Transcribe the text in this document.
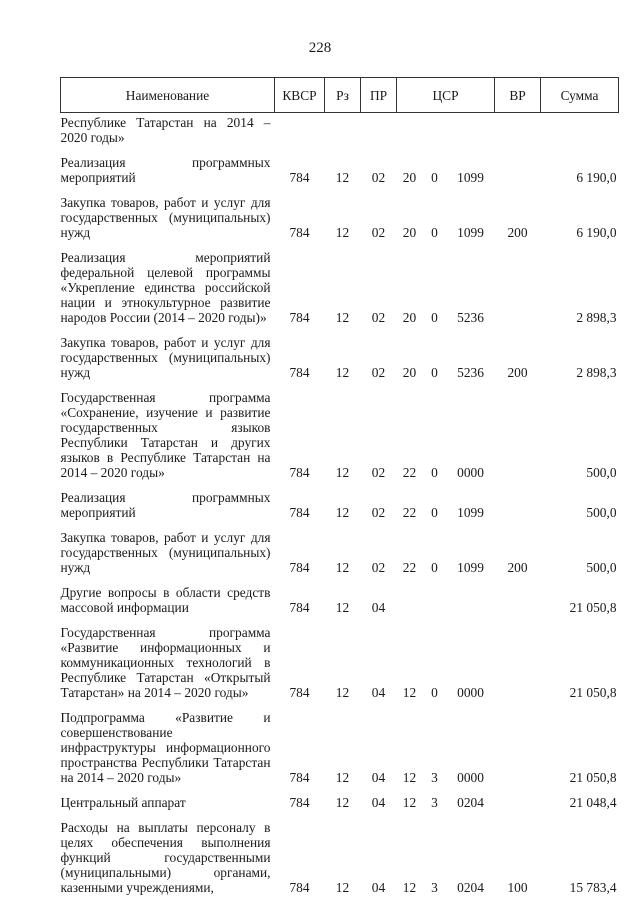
228
Наименование	КВСР	Рз	ПР	ЦСР			ВР	Сумма
Республике Татарстан на 2014 – 2020 годы»								
Реализация программных мероприятий	784	12	02	20	0	1099		6 190,0
Закупка товаров, работ и услуг для государственных (муниципальных) нужд	784	12	02	20	0	1099	200	6 190,0
Реализация мероприятий федеральной целевой программы «Укрепление единства российской нации и этнокультурное развитие народов России (2014 – 2020 годы)»	784	12	02	20	0	5236		2 898,3
Закупка товаров, работ и услуг для государственных (муниципальных) нужд	784	12	02	20	0	5236	200	2 898,3
Государственная программа «Сохранение, изучение и развитие государственных языков Республики Татарстан и других языков в Республике Татарстан на 2014 – 2020 годы»	784	12	02	22	0	0000		500,0
Реализация программных мероприятий	784	12	02	22	0	1099		500,0
Закупка товаров, работ и услуг для государственных (муниципальных) нужд	784	12	02	22	0	1099	200	500,0
Другие вопросы в области средств массовой информации	784	12	04					21 050,8
Государственная программа «Развитие информационных и коммуникационных технологий в Республике Татарстан «Открытый Татарстан» на 2014 – 2020 годы»	784	12	04	12	0	0000		21 050,8
Подпрограмма «Развитие и совершенствование инфраструктуры информационного пространства Республики Татарстан на 2014 – 2020 годы»	784	12	04	12	3	0000		21 050,8
Центральный аппарат	784	12	04	12	3	0204		21 048,4
Расходы на выплаты персоналу в целях обеспечения выполнения функций государственными (муниципальными) органами, казенными учреждениями,	784	12	04	12	3	0204	100	15 783,4
